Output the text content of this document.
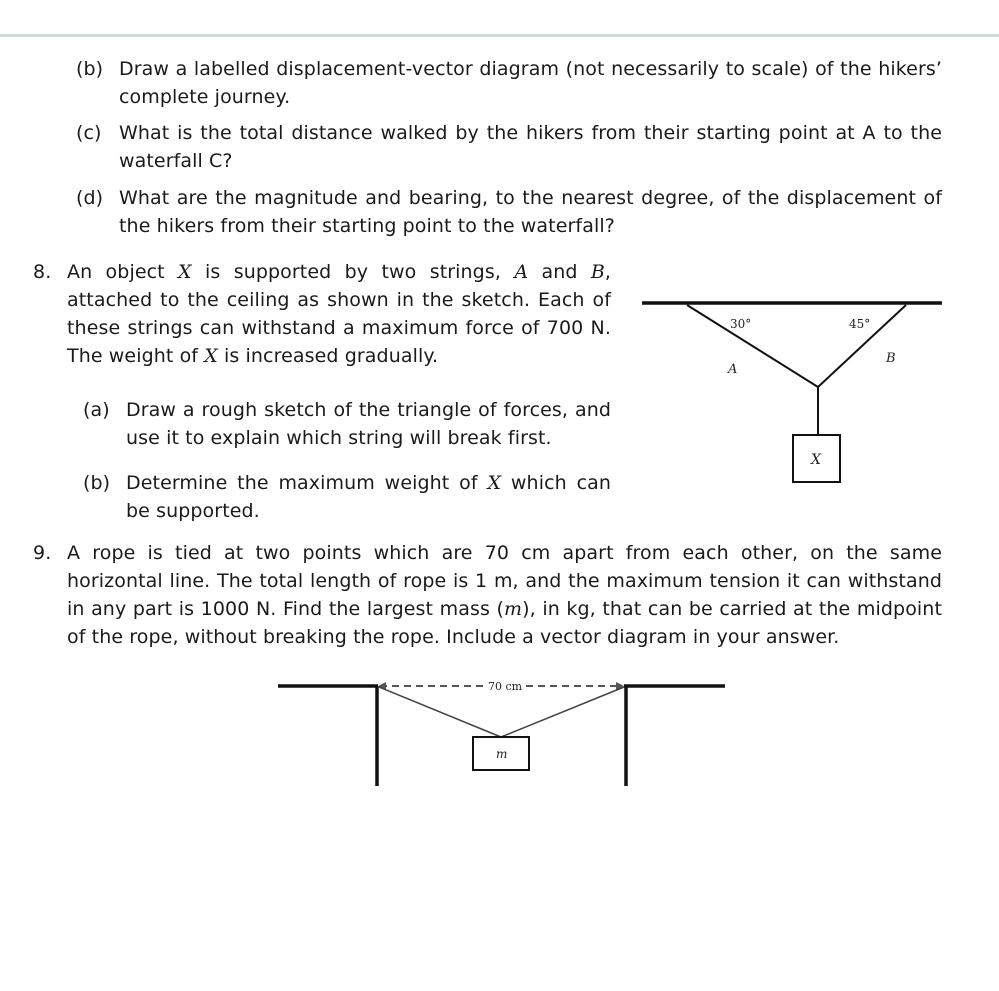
(b) Draw a labelled displacement-vector diagram (not necessarily to scale) of the hikers’ complete journey.
(c) What is the total distance walked by the hikers from their starting point at A to the waterfall C?
(d) What are the magnitude and bearing, to the nearest degree, of the displacement of the hikers from their starting point to the waterfall?
8. An object X is supported by two strings, A and B, attached to the ceiling as shown in the sketch. Each of these strings can withstand a maximum force of 700 N. The weight of X is increased gradually.
(a) Draw a rough sketch of the triangle of forces, and use it to explain which string will break first.
(b) Determine the maximum weight of X which can be supported.
30°	45°
A
B
X
9. A rope is tied at two points which are 70 cm apart from each other, on the same horizontal line. The total length of rope is 1 m, and the maximum tension it can withstand in any part is 1000 N. Find the largest mass (m), in kg, that can be carried at the midpoint of the rope, without breaking the rope. Include a vector diagram in your answer.
70 cm
m
